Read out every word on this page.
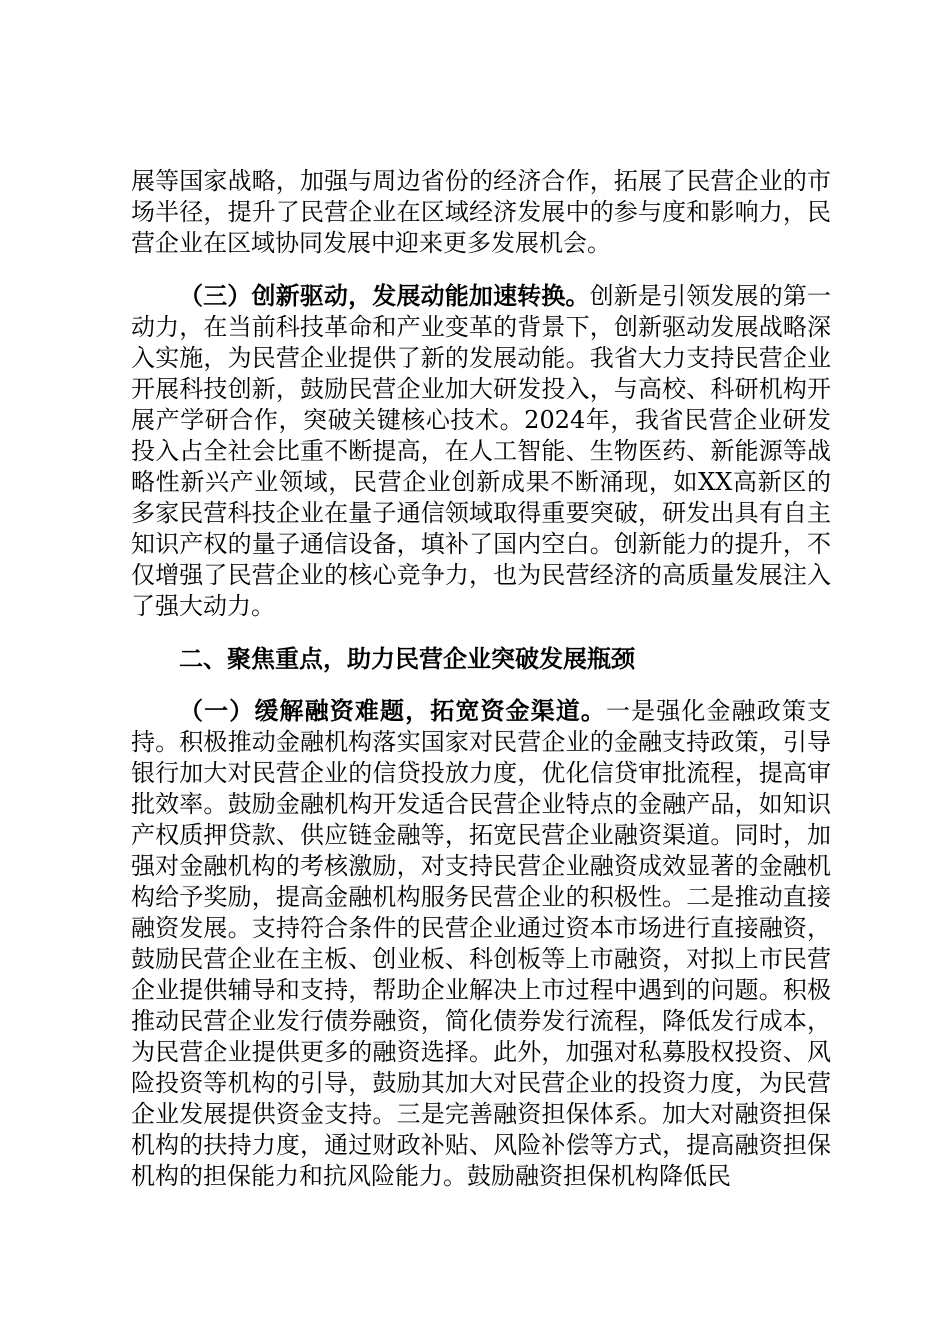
展等国家战略，加强与周边省份的经济合作，拓展了民营企业的市场半径，提升了民营企业在区域经济发展中的参与度和影响力，民营企业在区域协同发展中迎来更多发展机会。

（三）创新驱动，发展动能加速转换。创新是引领发展的第一动力，在当前科技革命和产业变革的背景下，创新驱动发展战略深入实施，为民营企业提供了新的发展动能。我省大力支持民营企业开展科技创新，鼓励民营企业加大研发投入，与高校、科研机构开展产学研合作，突破关键核心技术。2024年，我省民营企业研发投入占全社会比重不断提高，在人工智能、生物医药、新能源等战略性新兴产业领域，民营企业创新成果不断涌现，如XX高新区的多家民营科技企业在量子通信领域取得重要突破，研发出具有自主知识产权的量子通信设备，填补了国内空白。创新能力的提升，不仅增强了民营企业的核心竞争力，也为民营经济的高质量发展注入了强大动力。

二、聚焦重点，助力民营企业突破发展瓶颈

（一）缓解融资难题，拓宽资金渠道。一是强化金融政策支持。积极推动金融机构落实国家对民营企业的金融支持政策，引导银行加大对民营企业的信贷投放力度，优化信贷审批流程，提高审批效率。鼓励金融机构开发适合民营企业特点的金融产品，如知识产权质押贷款、供应链金融等，拓宽民营企业融资渠道。同时，加强对金融机构的考核激励，对支持民营企业融资成效显著的金融机构给予奖励，提高金融机构服务民营企业的积极性。二是推动直接融资发展。支持符合条件的民营企业通过资本市场进行直接融资，鼓励民营企业在主板、创业板、科创板等上市融资，对拟上市民营企业提供辅导和支持，帮助企业解决上市过程中遇到的问题。积极推动民营企业发行债券融资，简化债券发行流程，降低发行成本，为民营企业提供更多的融资选择。此外，加强对私募股权投资、风险投资等机构的引导，鼓励其加大对民营企业的投资力度，为民营企业发展提供资金支持。三是完善融资担保体系。加大对融资担保机构的扶持力度，通过财政补贴、风险补偿等方式，提高融资担保机构的担保能力和抗风险能力。鼓励融资担保机构降低民
